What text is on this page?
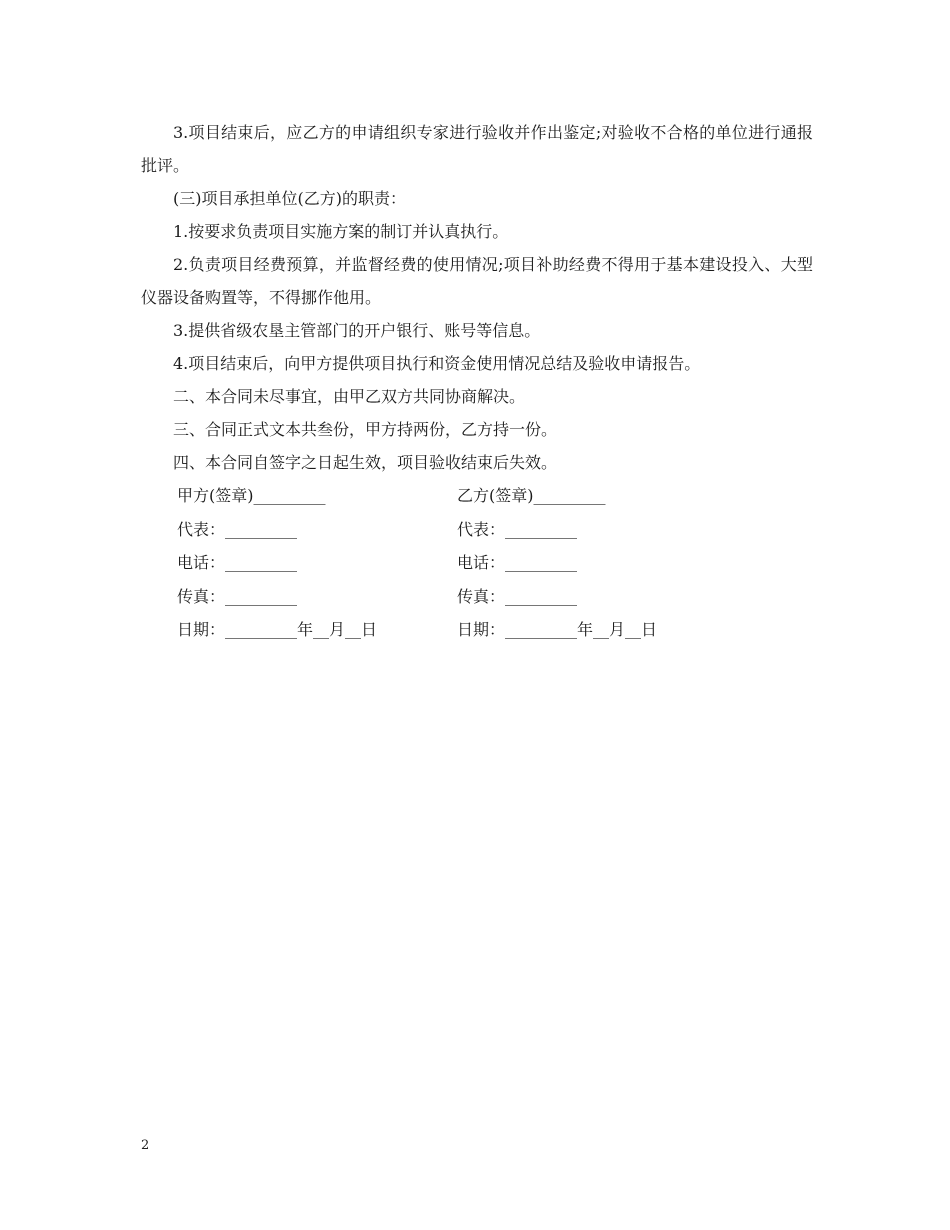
3.项目结束后，应乙方的申请组织专家进行验收并作出鉴定;对验收不合格的单位进行通报批评。

(三)项目承担单位(乙方)的职责：

1.按要求负责项目实施方案的制订并认真执行。

2.负责项目经费预算，并监督经费的使用情况;项目补助经费不得用于基本建设投入、大型仪器设备购置等，不得挪作他用。

3.提供省级农垦主管部门的开户银行、账号等信息。

4.项目结束后，向甲方提供项目执行和资金使用情况总结及验收申请报告。

二、本合同未尽事宜，由甲乙双方共同协商解决。

三、合同正式文本共叁份，甲方持两份，乙方持一份。

四、本合同自签字之日起生效，项目验收结束后失效。

甲方(签章)_________	乙方(签章)_________
代表：_________	代表：_________
电话：_________	电话：_________
传真：_________	传真：_________
日期：_________年__月__日	日期：_________年__月__日
2
